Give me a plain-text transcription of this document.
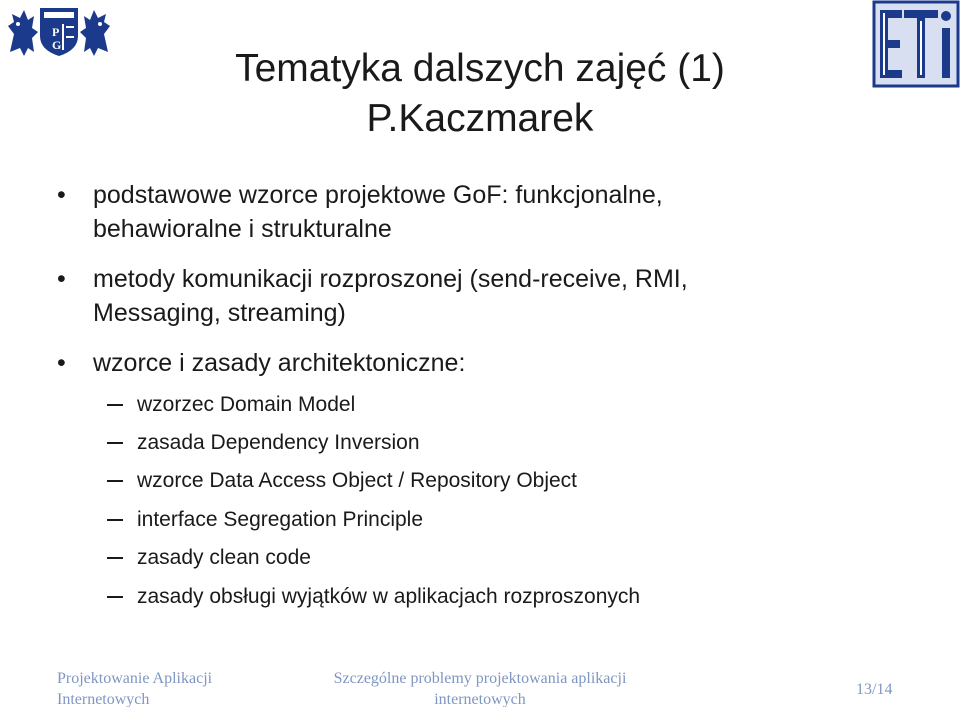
P
G
Tematyka dalszych zajęć (1)
P.Kaczmarek
• podstawowe wzorce projektowe GoF: funkcjonalne, behawioralne i strukturalne
• metody komunikacji rozproszonej (send-receive, RMI, Messaging, streaming)
• wzorce i zasady architektoniczne:
wzorzec Domain Model
zasada Dependency Inversion
wzorce Data Access Object / Repository Object
interface Segregation Principle
zasady clean code
zasady obsługi wyjątków w aplikacjach rozproszonych
Projektowanie Aplikacji
Internetowych
Szczególne problemy projektowania aplikacji
internetowych
13/14
